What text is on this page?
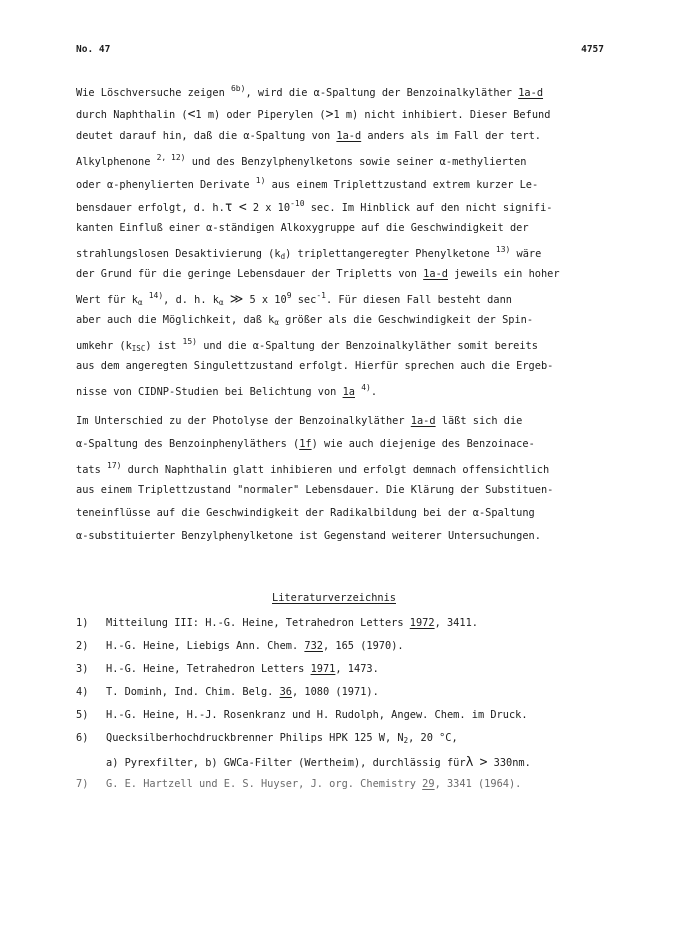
No. 47	4757
Wie Löschversuche zeigen $^{6b)}$, wird die α-Spaltung der Benzoinalkyläther 1a-d
durch Naphthalin (<1 m) oder Piperylen (>1 m) nicht inhibiert. Dieser Befund
deutet darauf hin, daß die α-Spaltung von 1a-d anders als im Fall der tert.
Alkylphenone $^{2, 12)}$ und des Benzylphenylketons sowie seiner α-methylierten
oder α-phenylierten Derivate $^{1)}$ aus einem Triplettzustand extrem kurzer Le-
bensdauer erfolgt, d. h.τ < 2 x $10^{-10}$ sec. Im Hinblick auf den nicht signifi-
kanten Einfluß einer α-ständigen Alkoxygruppe auf die Geschwindigkeit der
strahlungslosen Desaktivierung $(k_d)$ triplettangeregter Phenylketone $^{13)}$ wäre
der Grund für die geringe Lebensdauer der Tripletts von 1a-d jeweils ein hoher
Wert für $k_\alpha$ $^{14)}$, d. h. $k_\alpha$ ≫ 5 x $10^9$ $\sec^{-1}$. Für diesen Fall besteht dann
aber auch die Möglichkeit, daß $k_\alpha$ größer als die Geschwindigkeit der Spin-
umkehr $(k_{ISC})$ ist $^{15)}$ und die α-Spaltung der Benzoinalkyläther somit bereits
aus dem angeregten Singulettzustand erfolgt. Hierfür sprechen auch die Ergeb-
nisse von CIDNP-Studien bei Belichtung von 1a $^{4)}$.
Im Unterschied zu der Photolyse der Benzoinalkyläther 1a-d läßt sich die
α-Spaltung des Benzoinphenyläthers (1f) wie auch diejenige des Benzoinace-
tats $^{17)}$ durch Naphthalin glatt inhibieren und erfolgt demnach offensichtlich
aus einem Triplettzustand "normaler" Lebensdauer. Die Klärung der Substituen-
teneinflüsse auf die Geschwindigkeit der Radikalbildung bei der α-Spaltung
α-substituierter Benzylphenylketone ist Gegenstand weiterer Untersuchungen.
Literaturverzeichnis
1) Mitteilung III: H.-G. Heine, Tetrahedron Letters 1972, 3411.
2) H.-G. Heine, Liebigs Ann. Chem. 732, 165 (1970).
3) H.-G. Heine, Tetrahedron Letters 1971, 1473.
4) T. Dominh, Ind. Chim. Belg. 36, 1080 (1971).
5) H.-G. Heine, H.-J. Rosenkranz und H. Rudolph, Angew. Chem. im Druck.
6) Quecksilberhochdruckbrenner Philips HPK 125 W, $N_2$, 20 °C,
a) Pyrexfilter, b) GWCa-Filter (Wertheim), durchlässig fürλ > 330nm.
7) G. E. Hartzell und E. S. Huyser, J. org. Chemistry 29, 3341 (1964).
